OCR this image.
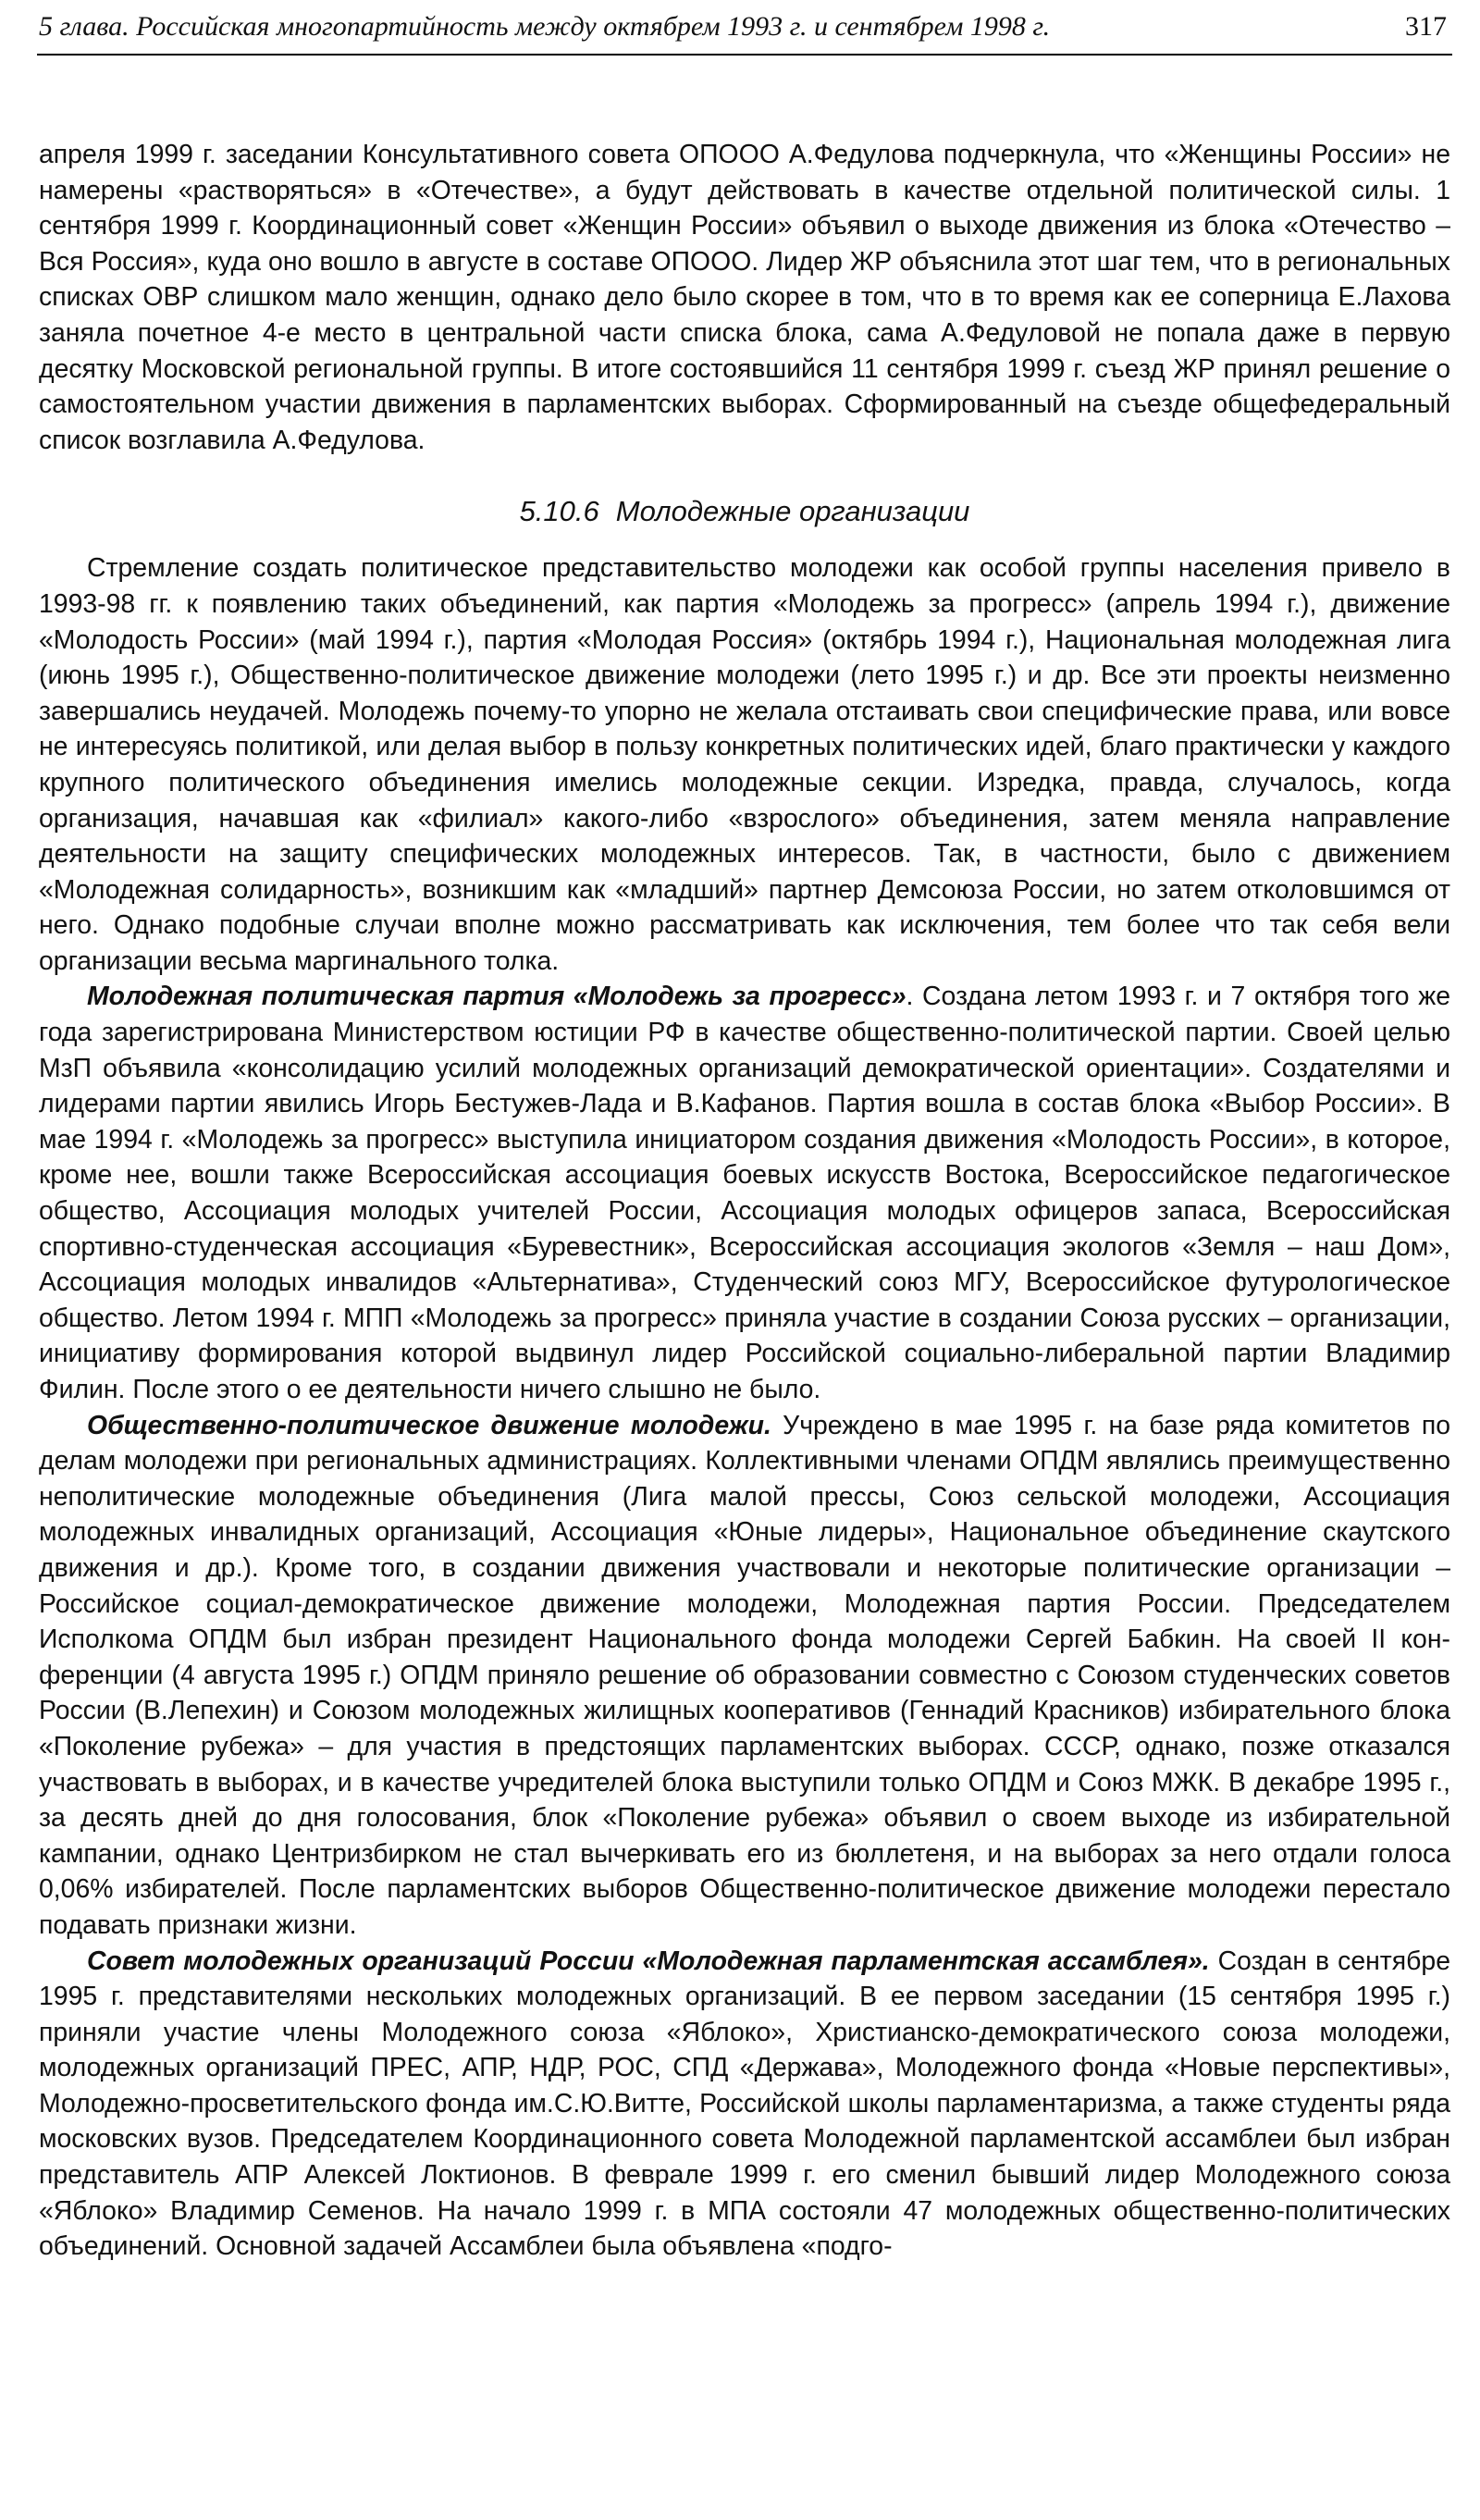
5 глава. Российская многопартийность между октябрем 1993 г. и сентябрем 1998 г.	317

апреля 1999 г. заседании Консультативного совета ОПООО А.Федулова подчеркнула, что «Женщины России» не намерены «растворяться» в «Отечестве», а будут действовать в качестве отдельной политической силы. 1 сентября 1999 г. Координационный совет «Женщин России» объявил о выходе движения из блока «Отечество – Вся Россия», куда оно вошло в августе в составе ОПООО. Лидер ЖР объяснила этот шаг тем, что в региональных списках ОВР слишком мало женщин, однако дело было скорее в том, что в то время как ее соперница Е.Лахова заняла почетное 4-е место в центральной части списка блока, сама А.Федуловой не попала даже в первую десятку Московской региональной группы. В итоге состоявшийся 11 сентября 1999 г. съезд ЖР принял решение о самостоятельном участии движения в парламентских выборах. Сформированный на съезде общефедеральный список возглавила А.Федулова.

5.10.6 Молодежные организации

Стремление создать политическое представительство молодежи как особой группы населения привело в 1993-98 гг. к появлению таких объединений, как партия «Молодежь за прогресс» (апрель 1994 г.), движение «Молодость России» (май 1994 г.), партия «Молодая Россия» (октябрь 1994 г.), Национальная молодежная лига (июнь 1995 г.), Общественно-политическое движение молодежи (лето 1995 г.) и др. Все эти проекты неизменно завершались неудачей. Молодежь почему-то упорно не желала отстаивать свои специфические права, или вовсе не интересуясь политикой, или делая выбор в пользу конкретных политических идей, благо практически у каждого крупного политического объединения имелись молодежные секции. Изредка, правда, случалось, когда организация, начавшая как «филиал» какого-либо «взрослого» объединения, затем меняла направление деятельности на защиту специфических молодежных интересов. Так, в частности, было с движением «Молодежная солидарность», возникшим как «младший» партнер Демсоюза России, но затем отколовшимся от него. Однако подобные случаи вполне можно рассматривать как исключения, тем более что так себя вели организации весьма маргинального толка.

Молодежная политическая партия «Молодежь за прогресс». Создана летом 1993 г. и 7 октября того же года зарегистрирована Министерством юстиции РФ в качестве общественно-политической партии. Своей целью МзП объявила «консолидацию усилий молодежных организаций демократической ориентации». Создателями и лидерами партии явились Игорь Бестужев-Лада и В.Кафанов. Партия вошла в состав блока «Выбор России». В мае 1994 г. «Молодежь за прогресс» выступила инициатором создания движения «Молодость России», в которое, кроме нее, вошли также Всероссийская ассоциация боевых искусств Востока, Всероссийское педагогическое общество, Ассоциация молодых учителей России, Ассоциация молодых офицеров запаса, Всероссийская спортивно-студенческая ассоциация «Буревестник», Всероссийская ассоциация экологов «Земля – наш Дом», Ассоциация молодых инвалидов «Альтернатива», Студенческий союз МГУ, Всероссийское футурологическое общество. Летом 1994 г. МПП «Молодежь за прогресс» приняла участие в создании Союза русских – организации, инициативу формирования которой выдвинул лидер Российской социально-либеральной партии Владимир Филин. После этого о ее деятельности ничего слышно не было.

Общественно-политическое движение молодежи. Учреждено в мае 1995 г. на базе ряда комитетов по делам молодежи при региональных администрациях. Коллективными членами ОПДМ являлись преимущественно неполитические молодежные объединения (Лига малой прессы, Союз сельской молодежи, Ассоциация молодежных инвалидных организаций, Ассоциация «Юные лидеры», Национальное объединение скаутского движения и др.). Кроме того, в создании движения участвовали и некоторые политические организации – Российское социал-демократическое движение молодежи, Молодежная партия России. Председателем Исполкома ОПДМ был избран президент Национального фонда молодежи Сергей Бабкин. На своей II конференции (4 августа 1995 г.) ОПДМ приняло решение об образовании совместно с Союзом студенческих советов России (В.Лепехин) и Союзом молодежных жилищных кооперативов (Геннадий Красников) избирательного блока «Поколение рубежа» – для участия в предстоящих парламентских выборах. СССР, однако, позже отказался участвовать в выборах, и в качестве учредителей блока выступили только ОПДМ и Союз МЖК. В декабре 1995 г., за десять дней до дня голосования, блок «Поколение рубежа» объявил о своем выходе из избирательной кампании, однако Центризбирком не стал вычеркивать его из бюллетеня, и на выборах за него отдали голоса 0,06% избирателей. После парламентских выборов Общественно-политическое движение молодежи перестало подавать признаки жизни.

Совет молодежных организаций России «Молодежная парламентская ассамблея». Создан в сентябре 1995 г. представителями нескольких молодежных организаций. В ее первом заседании (15 сентября 1995 г.) приняли участие члены Молодежного союза «Яблоко», Христианско-демократического союза молодежи, молодежных организаций ПРЕС, АПР, НДР, РОС, СПД «Держава», Молодежного фонда «Новые перспективы», Молодежно-просветительского фонда им.С.Ю.Витте, Российской школы парламентаризма, а также студенты ряда московских вузов. Председателем Координационного совета Молодежной парламентской ассамблеи был избран представитель АПР Алексей Локтионов. В феврале 1999 г. его сменил бывший лидер Молодежного союза «Яблоко» Владимир Семенов. На начало 1999 г. в МПА состояли 47 молодежных общественно-политических объединений. Основной задачей Ассамблеи была объявлена «подго-
